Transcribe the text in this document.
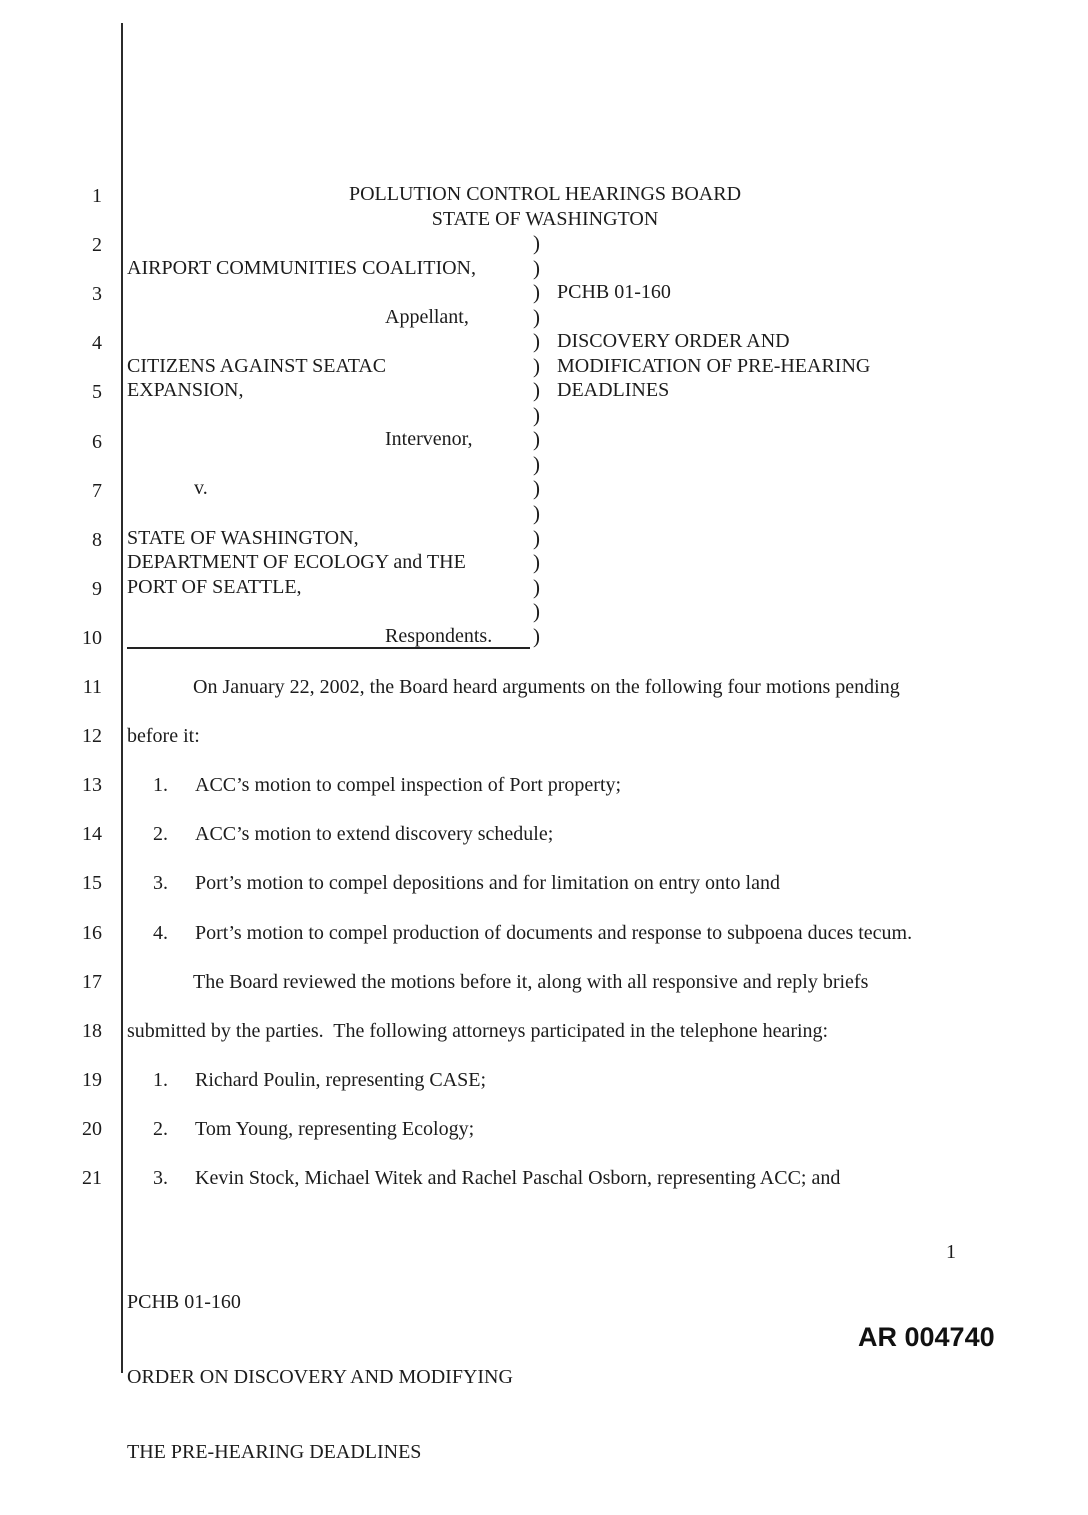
1
2
3
4
5
6
7
8
9
10
11
12
13
14
15
16
17
18
19
20
21
POLLUTION CONTROL HEARINGS BOARD
STATE OF WASHINGTON
)
AIRPORT COMMUNITIES COALITION,	)
) PCHB 01-160
Appellant,	)
) DISCOVERY ORDER AND
CITIZENS AGAINST SEATAC	) MODIFICATION OF PRE-HEARING
EXPANSION,	) DEADLINES
)
Intervenor,	)
)
v.	)
)
STATE OF WASHINGTON,	)
DEPARTMENT OF ECOLOGY and THE	)
PORT OF SEATTLE,	)
)
Respondents. )
On January 22, 2002, the Board heard arguments on the following four motions pending
before it:
1. ACC’s motion to compel inspection of Port property;
2. ACC’s motion to extend discovery schedule;
3. Port’s motion to compel depositions and for limitation on entry onto land
4. Port’s motion to compel production of documents and response to subpoena duces tecum.
The Board reviewed the motions before it, along with all responsive and reply briefs
submitted by the parties.  The following attorneys participated in the telephone hearing:
1. Richard Poulin, representing CASE;
2. Tom Young, representing Ecology;
3. Kevin Stock, Michael Witek and Rachel Paschal Osborn, representing ACC; and

PCHB 01-160

ORDER ON DISCOVERY AND MODIFYING

THE PRE-HEARING DEADLINES

1
AR 004740
